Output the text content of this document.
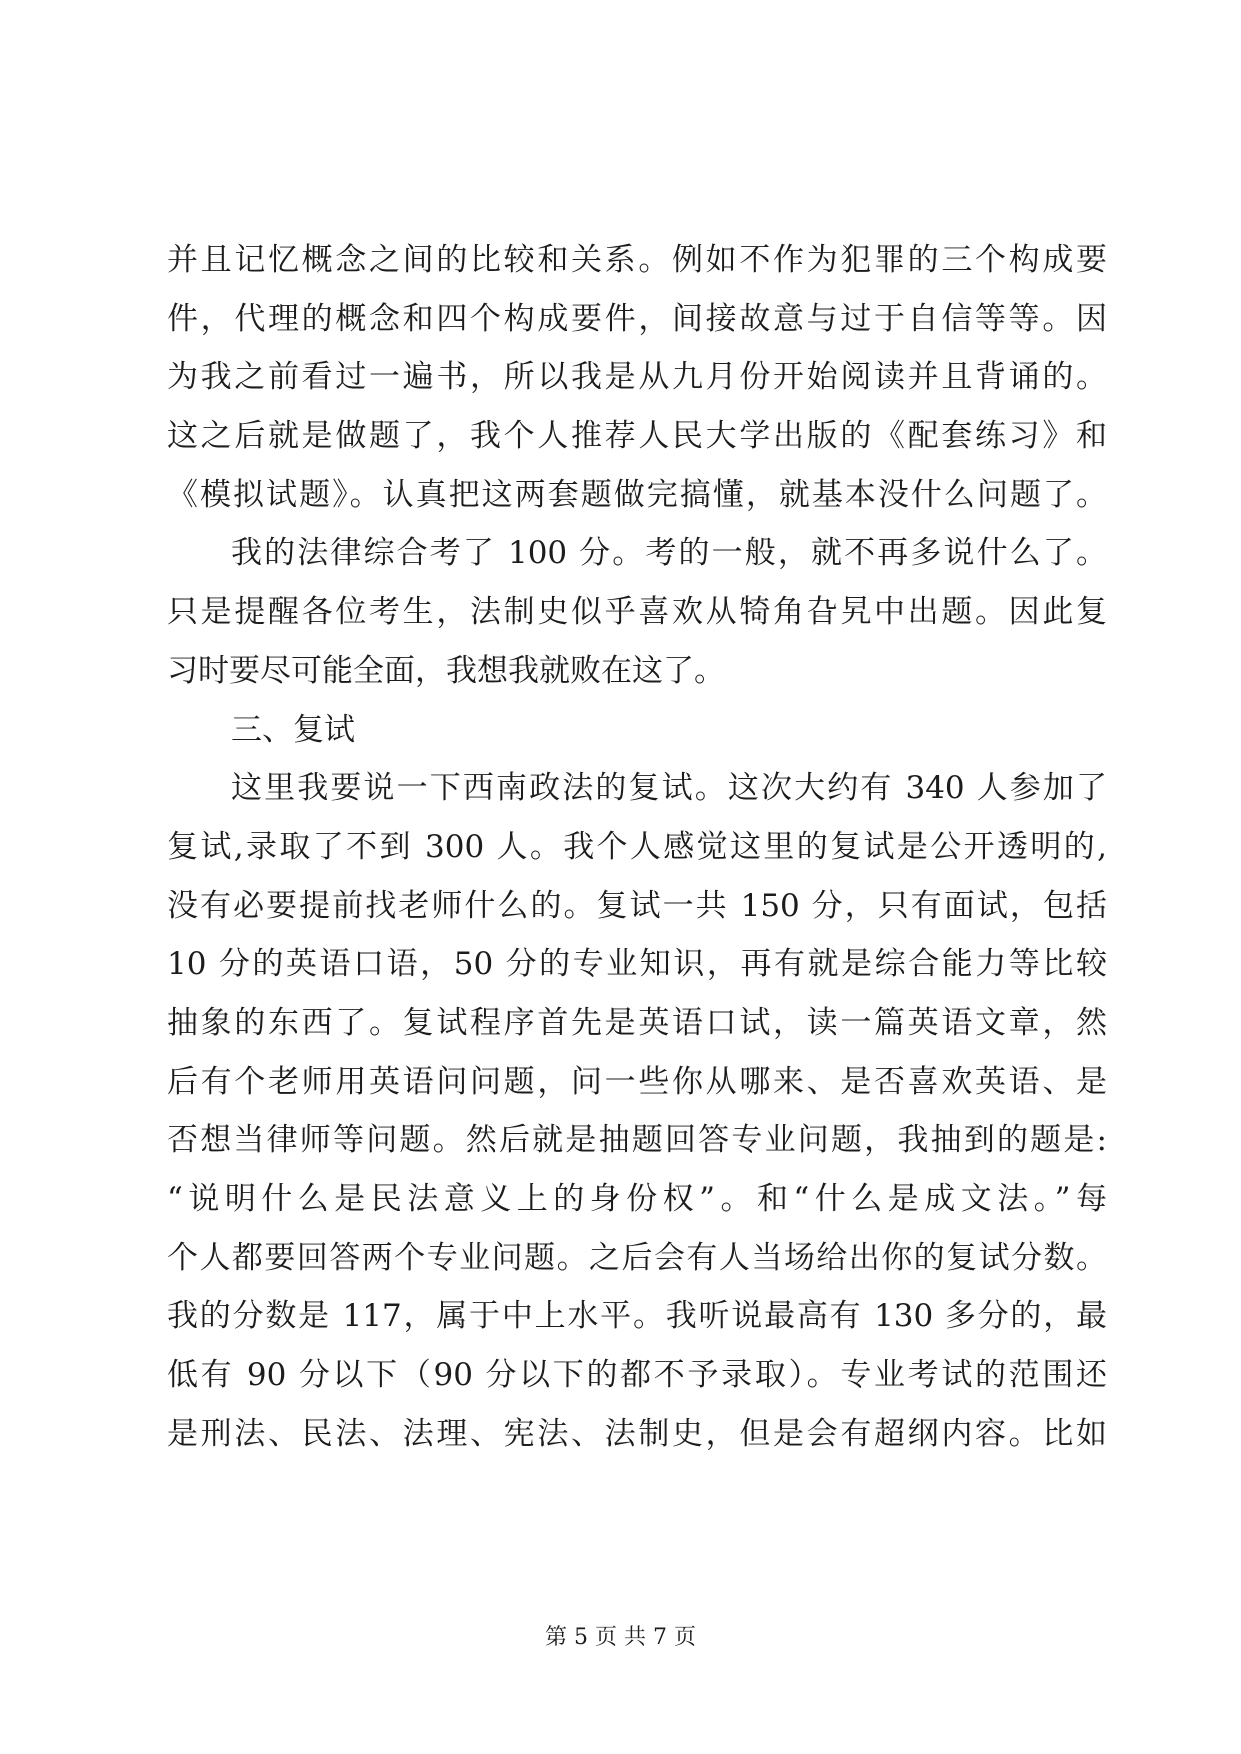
并且记忆概念之间的比较和关系。例如不作为犯罪的三个构成要
件，代理的概念和四个构成要件，间接故意与过于自信等等。因
为我之前看过一遍书，所以我是从九月份开始阅读并且背诵的。
这之后就是做题了，我个人推荐人民大学出版的《配套练习》和
《模拟试题》。认真把这两套题做完搞懂，就基本没什么问题了。
我的法律综合考了 100 分。考的一般，就不再多说什么了。
只是提醒各位考生，法制史似乎喜欢从犄角旮旯中出题。因此复
习时要尽可能全面，我想我就败在这了。
三、复试
这里我要说一下西南政法的复试。这次大约有 340 人参加了
复试,录取了不到 300 人。我个人感觉这里的复试是公开透明的,
没有必要提前找老师什么的。复试一共 150 分，只有面试，包括
10 分的英语口语，50 分的专业知识，再有就是综合能力等比较
抽象的东西了。复试程序首先是英语口试，读一篇英语文章，然
后有个老师用英语问问题，问一些你从哪来、是否喜欢英语、是
否想当律师等问题。然后就是抽题回答专业问题，我抽到的题是:
“说明什么是民法意义上的身份权”。和“什么是成文法。”每
个人都要回答两个专业问题。之后会有人当场给出你的复试分数。
我的分数是 117，属于中上水平。我听说最高有 130 多分的，最
低有 90 分以下（90 分以下的都不予录取）。专业考试的范围还
是刑法、民法、法理、宪法、法制史，但是会有超纲内容。比如
第 5 页 共 7 页
